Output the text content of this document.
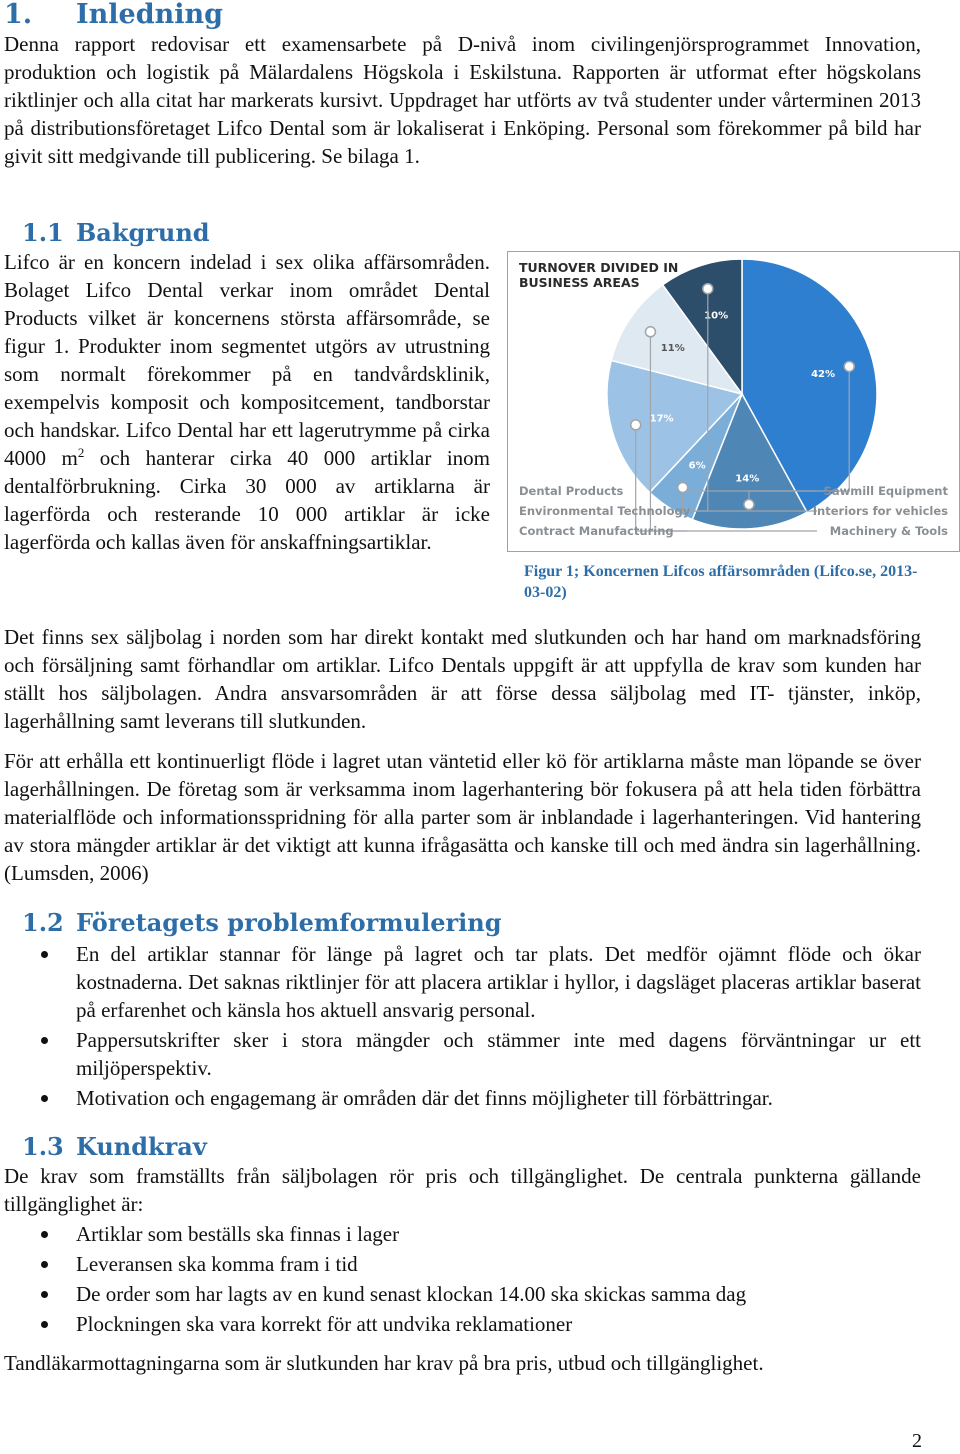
1. Inledning

Denna rapport redovisar ett examensarbete på D-nivå inom civilingenjörsprogrammet Innovation, produktion och logistik på Mälardalens Högskola i Eskilstuna. Rapporten är utformat efter högskolans riktlinjer och alla citat har markerats kursivt. Uppdraget har utförts av två studenter under vårterminen 2013 på distributionsföretaget Lifco Dental som är lokaliserat i Enköping. Personal som förekommer på bild har givit sitt medgivande till publicering. Se bilaga 1.

1.1 Bakgrund

Lifco är en koncern indelad i sex olika affärsområden. Bolaget Lifco Dental verkar inom området Dental Products vilket är koncernens största affärsområde, se figur 1. Produkter inom segmentet utgörs av utrustning som normalt förekommer på en tandvårdsklinik, exempelvis komposit och kompositcement, tandborstar och handskar. Lifco Dental har ett lagerutrymme på cirka 4000 $m^2$ och hanterar cirka 40 000 artiklar inom dentalförbrukning. Cirka 30 000 av artiklarna är lagerförda och resterande 10 000 artiklar är icke lagerförda och kallas även för anskaffningsartiklar.

TURNOVER DIVIDED IN
BUSINESS AREAS
42%
14%
6%
17%
11%
10%
Dental Products
Environmental Technology
Contract Manufacturing
Sawmill Equipment
Interiors for vehicles
Machinery & Tools
Figur 1; Koncernen Lifcos affärsområden (Lifco.se, 2013-03-02)

Det finns sex säljbolag i norden som har direkt kontakt med slutkunden och har hand om marknadsföring och försäljning samt förhandlar om artiklar. Lifco Dentals uppgift är att uppfylla de krav som kunden har ställt hos säljbolagen. Andra ansvarsområden är att förse dessa säljbolag med IT- tjänster, inköp, lagerhållning samt leverans till slutkunden.

För att erhålla ett kontinuerligt flöde i lagret utan väntetid eller kö för artiklarna måste man löpande se över lagerhållningen. De företag som är verksamma inom lagerhantering bör fokusera på att hela tiden förbättra materialflöde och informationsspridning för alla parter som är inblandade i lagerhanteringen. Vid hantering av stora mängder artiklar är det viktigt att kunna ifrågasätta och kanske till och med ändra sin lagerhållning. (Lumsden, 2006)

1.2 Företagets problemformulering
En del artiklar stannar för länge på lagret och tar plats. Det medför ojämnt flöde och ökar kostnaderna. Det saknas riktlinjer för att placera artiklar i hyllor, i dagsläget placeras artiklar baserat på erfarenhet och känsla hos aktuell ansvarig personal.
Pappersutskrifter sker i stora mängder och stämmer inte med dagens förväntningar ur ett miljöperspektiv.
Motivation och engagemang är områden där det finns möjligheter till förbättringar.
1.3 Kundkrav

De krav som framställts från säljbolagen rör pris och tillgänglighet. De centrala punkterna gällande tillgänglighet är:

Artiklar som beställs ska finnas i lager
Leveransen ska komma fram i tid
De order som har lagts av en kund senast klockan 14.00 ska skickas samma dag
Plockningen ska vara korrekt för att undvika reklamationer

Tandläkarmottagningarna som är slutkunden har krav på bra pris, utbud och tillgänglighet.

2
